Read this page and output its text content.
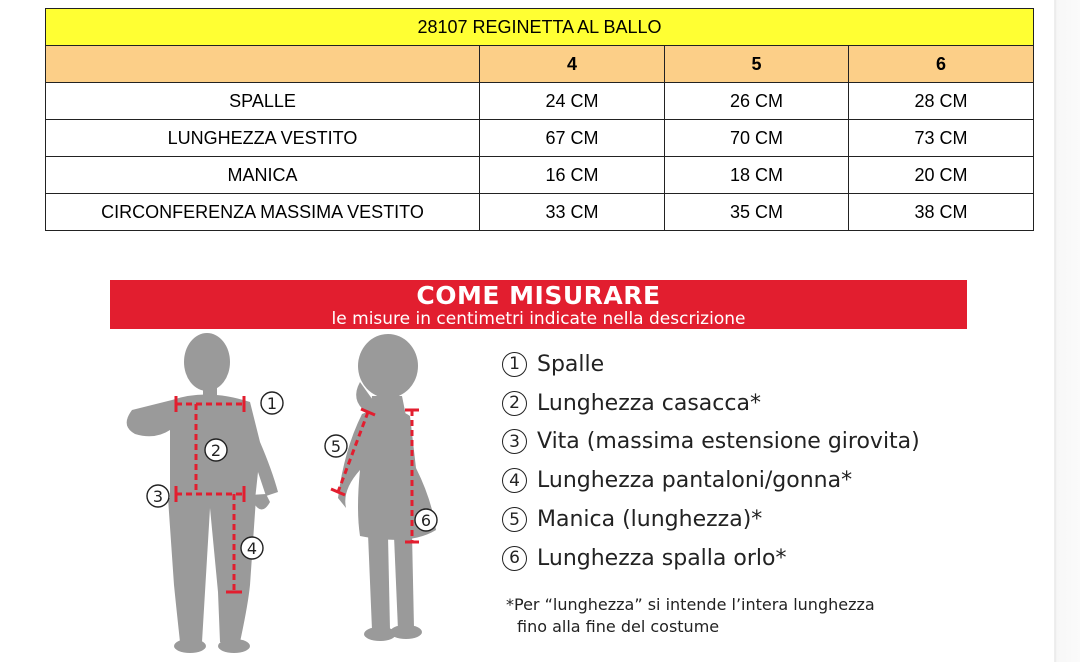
28107 REGINETTA AL BALLO			
	4	5	6
SPALLE	24 CM	26 CM	28 CM
LUNGHEZZA VESTITO	67 CM	70 CM	73 CM
MANICA	16 CM	18 CM	20 CM
CIRCONFERENZA MASSIMA VESTITO	33 CM	35 CM	38 CM
COME MISURARE
le misure in centimetri indicate nella descrizione
1
2
3
4
5
6
1 Spalle
2 Lunghezza casacca*
3 Vita (massima estensione girovita)
4 Lunghezza pantaloni/gonna*
5 Manica (lunghezza)*
6 Lunghezza spalla orlo*
*Per “lunghezza” si intende l’intera lunghezza
fino alla fine del costume
